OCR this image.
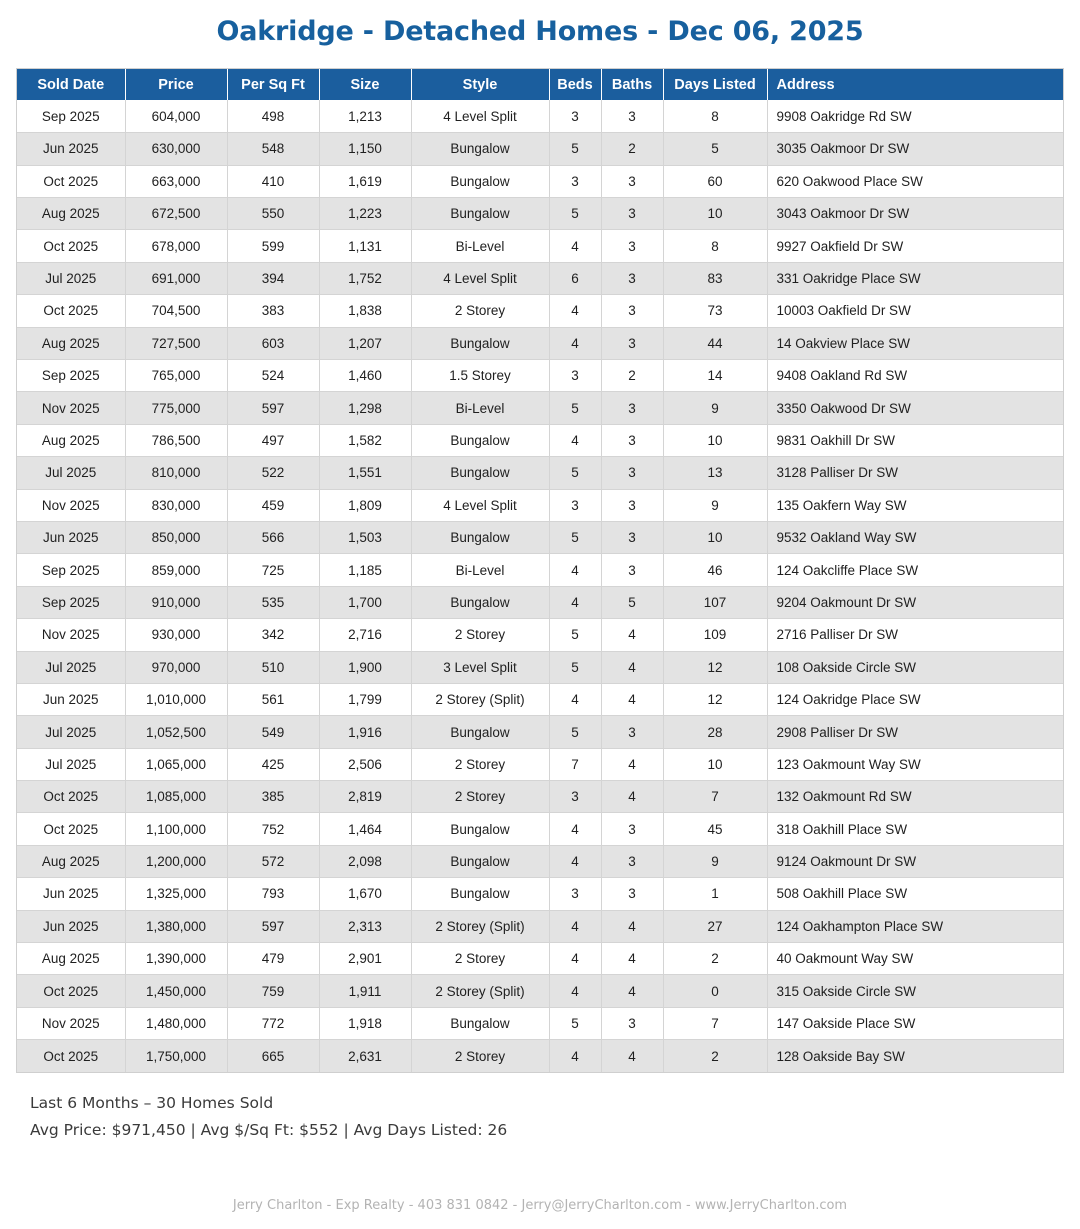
Oakridge - Detached Homes - Dec 06, 2025
Sold Date	Price	Per Sq Ft	Size	Style	Beds	Baths	Days Listed	Address
Sep 2025	604,000	498	1,213	4 Level Split	3	3	8	9908 Oakridge Rd SW
Jun 2025	630,000	548	1,150	Bungalow	5	2	5	3035 Oakmoor Dr SW
Oct 2025	663,000	410	1,619	Bungalow	3	3	60	620 Oakwood Place SW
Aug 2025	672,500	550	1,223	Bungalow	5	3	10	3043 Oakmoor Dr SW
Oct 2025	678,000	599	1,131	Bi-Level	4	3	8	9927 Oakfield Dr SW
Jul 2025	691,000	394	1,752	4 Level Split	6	3	83	331 Oakridge Place SW
Oct 2025	704,500	383	1,838	2 Storey	4	3	73	10003 Oakfield Dr SW
Aug 2025	727,500	603	1,207	Bungalow	4	3	44	14 Oakview Place SW
Sep 2025	765,000	524	1,460	1.5 Storey	3	2	14	9408 Oakland Rd SW
Nov 2025	775,000	597	1,298	Bi-Level	5	3	9	3350 Oakwood Dr SW
Aug 2025	786,500	497	1,582	Bungalow	4	3	10	9831 Oakhill Dr SW
Jul 2025	810,000	522	1,551	Bungalow	5	3	13	3128 Palliser Dr SW
Nov 2025	830,000	459	1,809	4 Level Split	3	3	9	135 Oakfern Way SW
Jun 2025	850,000	566	1,503	Bungalow	5	3	10	9532 Oakland Way SW
Sep 2025	859,000	725	1,185	Bi-Level	4	3	46	124 Oakcliffe Place SW
Sep 2025	910,000	535	1,700	Bungalow	4	5	107	9204 Oakmount Dr SW
Nov 2025	930,000	342	2,716	2 Storey	5	4	109	2716 Palliser Dr SW
Jul 2025	970,000	510	1,900	3 Level Split	5	4	12	108 Oakside Circle SW
Jun 2025	1,010,000	561	1,799	2 Storey (Split)	4	4	12	124 Oakridge Place SW
Jul 2025	1,052,500	549	1,916	Bungalow	5	3	28	2908 Palliser Dr SW
Jul 2025	1,065,000	425	2,506	2 Storey	7	4	10	123 Oakmount Way SW
Oct 2025	1,085,000	385	2,819	2 Storey	3	4	7	132 Oakmount Rd SW
Oct 2025	1,100,000	752	1,464	Bungalow	4	3	45	318 Oakhill Place SW
Aug 2025	1,200,000	572	2,098	Bungalow	4	3	9	9124 Oakmount Dr SW
Jun 2025	1,325,000	793	1,670	Bungalow	3	3	1	508 Oakhill Place SW
Jun 2025	1,380,000	597	2,313	2 Storey (Split)	4	4	27	124 Oakhampton Place SW
Aug 2025	1,390,000	479	2,901	2 Storey	4	4	2	40 Oakmount Way SW
Oct 2025	1,450,000	759	1,911	2 Storey (Split)	4	4	0	315 Oakside Circle SW
Nov 2025	1,480,000	772	1,918	Bungalow	5	3	7	147 Oakside Place SW
Oct 2025	1,750,000	665	2,631	2 Storey	4	4	2	128 Oakside Bay SW
Last 6 Months – 30 Homes Sold
Avg Price: $971,450 | Avg $/Sq Ft: $552 | Avg Days Listed: 26
Jerry Charlton - Exp Realty - 403 831 0842 - Jerry@JerryCharlton.com - www.JerryCharlton.com
